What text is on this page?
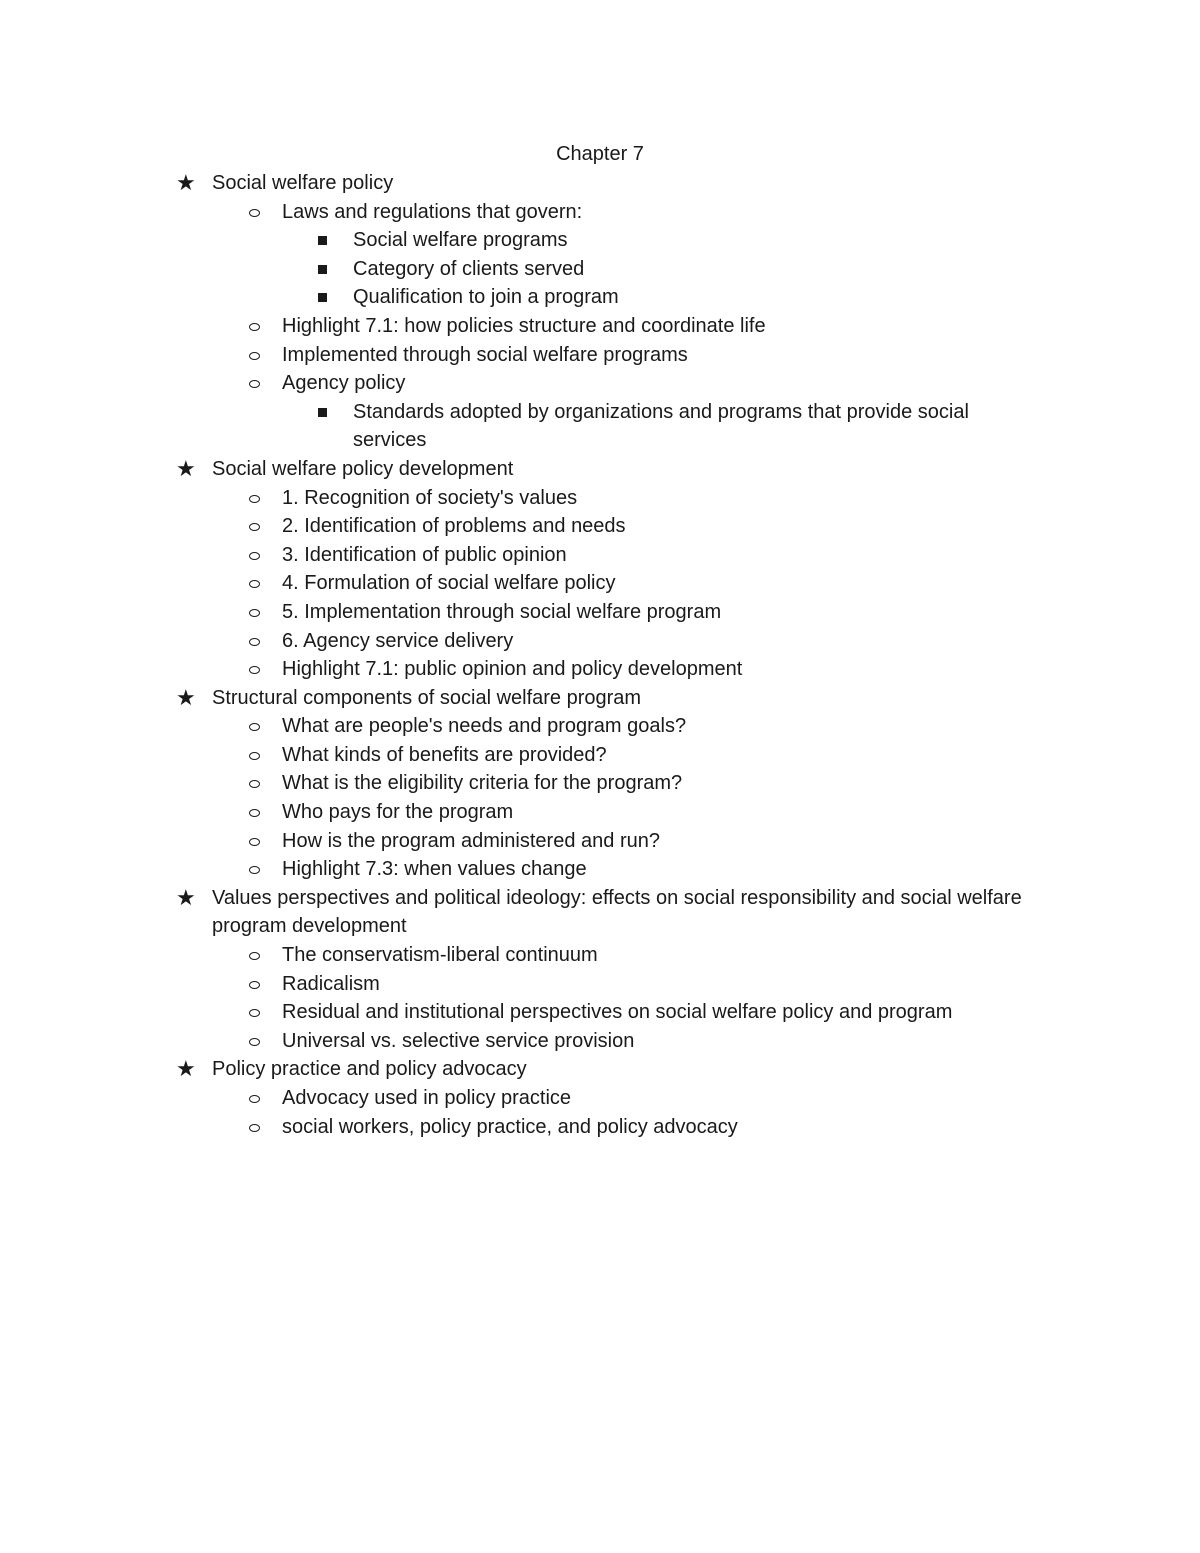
Chapter 7
★ Social welfare policy
Laws and regulations that govern:
Social welfare programs
Category of clients served
Qualification to join a program
Highlight 7.1: how policies structure and coordinate life
Implemented through social welfare programs
Agency policy
Standards adopted by organizations and programs that provide social services
★ Social welfare policy development
1. Recognition of society's values
2. Identification of problems and needs
3. Identification of public opinion
4. Formulation of social welfare policy
5. Implementation through social welfare program
6. Agency service delivery
Highlight 7.1: public opinion and policy development
★ Structural components of social welfare program
What are people's needs and program goals?
What kinds of benefits are provided?
What is the eligibility criteria for the program?
Who pays for the program
How is the program administered and run?
Highlight 7.3: when values change
★ Values perspectives and political ideology: effects on social responsibility and social welfare program development
The conservatism-liberal continuum
Radicalism
Residual and institutional perspectives on social welfare policy and program
Universal vs. selective service provision
★ Policy practice and policy advocacy
Advocacy used in policy practice
social workers, policy practice, and policy advocacy
